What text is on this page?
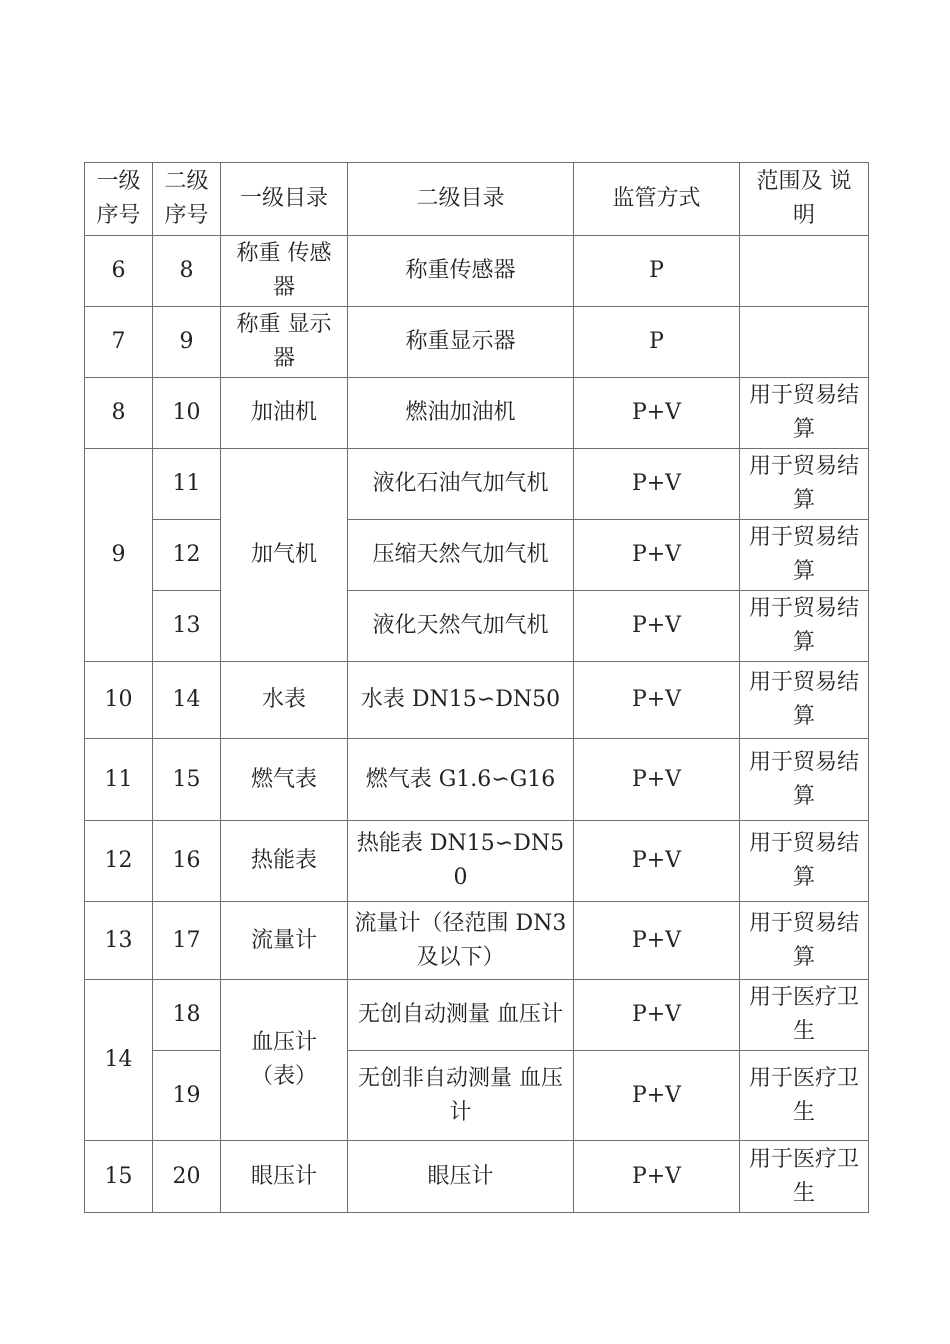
一级序号	二级序号	一级目录	二级目录	监管方式	范围及 说明
6	8	称重 传感器	称重传感器	P	
7	9	称重 显示器	称重显示器	P	
8	10	加油机	燃油加油机	P+V	用于贸易结算
9	11	加气机	液化石油气加气机	P+V	用于贸易结算
	12		压缩天然气加气机	P+V	用于贸易结算
	13		液化天然气加气机	P+V	用于贸易结算
10	14	水表	水表 DN15∽DN50	P+V	用于贸易结算
11	15	燃气表	燃气表 G1.6∽G16	P+V	用于贸易结算
12	16	热能表	热能表 DN15∽DN50	P+V	用于贸易结算
13	17	流量计	流量计（径范围 DN3 及以下）	P+V	用于贸易结算
14	18	血压计（表）	无创自动测量 血压计	P+V	用于医疗卫生
	19		无创非自动测量 血压计	P+V	用于医疗卫生
15	20	眼压计	眼压计	P+V	用于医疗卫生
